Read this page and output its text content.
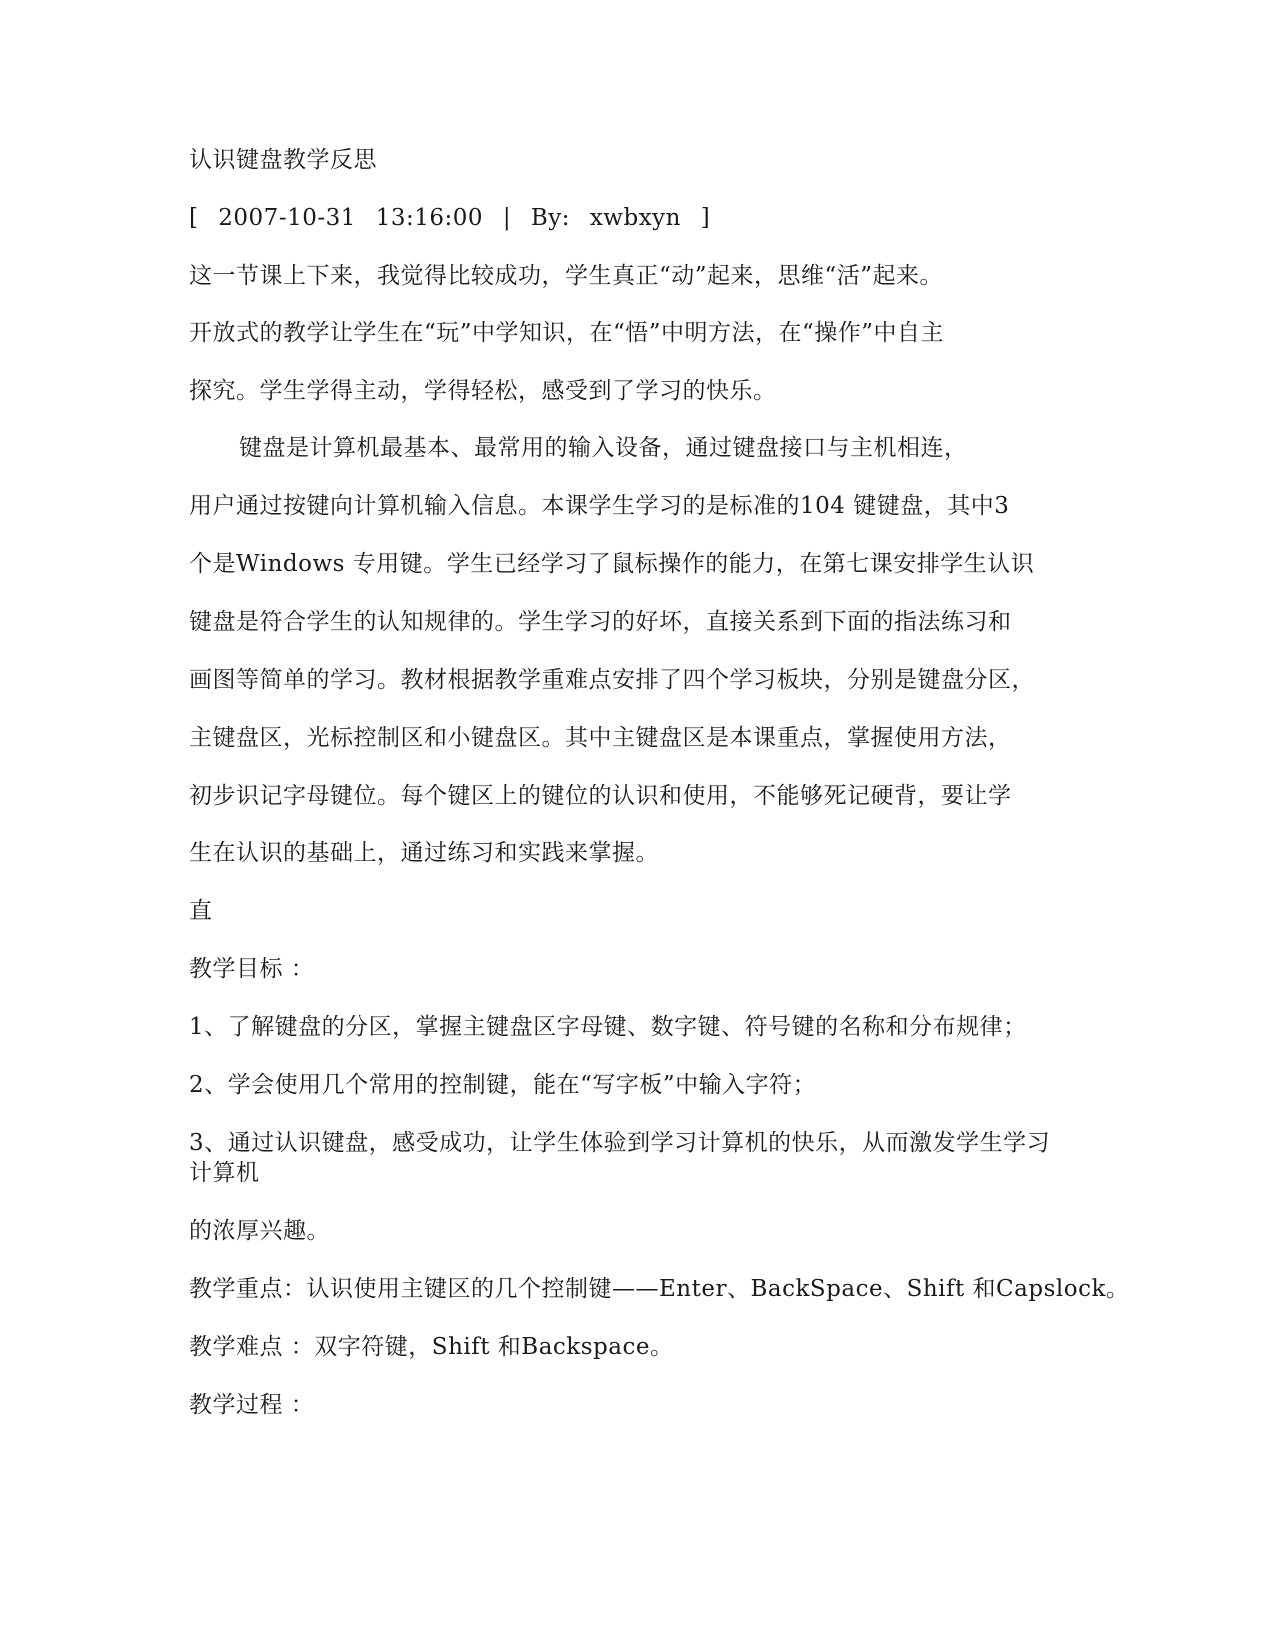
认识键盘教学反思
[ 2007-10-31 13:16:00 | By: xwbxyn ]
这一节课上下来，我觉得比较成功，学生真正“动”起来，思维“活”起来。
开放式的教学让学生在“玩”中学知识，在“悟”中明方法，在“操作”中自主
探究。学生学得主动，学得轻松，感受到了学习的快乐。
键盘是计算机最基本、最常用的输入设备，通过键盘接口与主机相连，
用户通过按键向计算机输入信息。本课学生学习的是标准的104 键键盘，其中3
个是Windows 专用键。学生已经学习了鼠标操作的能力，在第七课安排学生认识
键盘是符合学生的认知规律的。学生学习的好坏，直接关系到下面的指法练习和
画图等简单的学习。教材根据教学重难点安排了四个学习板块，分别是键盘分区，
主键盘区，光标控制区和小键盘区。其中主键盘区是本课重点，掌握使用方法，
初步识记字母键位。每个键区上的键位的认识和使用，不能够死记硬背，要让学
生在认识的基础上，通过练习和实践来掌握。
直
教学目标 ：
1、了解键盘的分区，掌握主键盘区字母键、数字键、符号键的名称和分布规律；
2、学会使用几个常用的控制键，能在“写字板”中输入字符；
3、通过认识键盘，感受成功，让学生体验到学习计算机的快乐，从而激发学生学习
计算机
的浓厚兴趣。
教学重点：认识使用主键区的几个控制键——Enter、BackSpace、Shift 和Capslock。
教学难点 ：双字符键，Shift 和Backspace。
教学过程 ：
